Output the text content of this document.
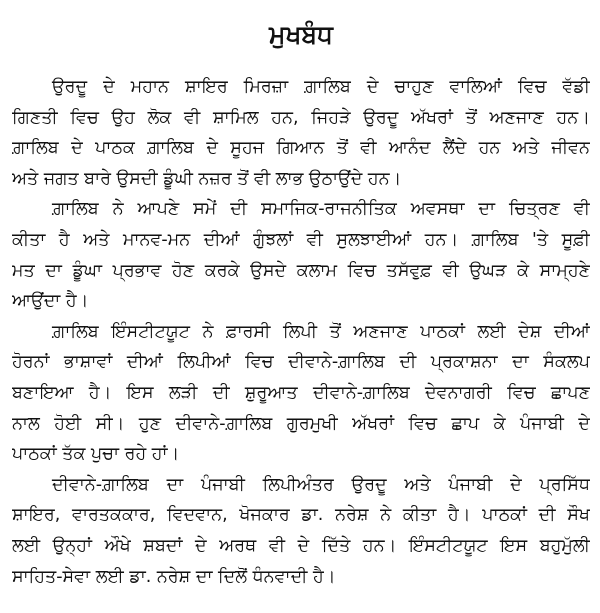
ਮੁਖਬੰਧ
ਉਰਦੂ ਦੇ ਮਹਾਨ ਸ਼ਾਇਰ ਮਿਰਜ਼ਾ ਗ਼ਾਲਿਬ ਦੇ ਚਾਹੁਣ ਵਾਲਿਆਂ ਵਿਚ ਵੱਡੀ
ਗਿਣਤੀ ਵਿਚ ਉਹ ਲੋਕ ਵੀ ਸ਼ਾਮਿਲ ਹਨ, ਜਿਹੜੇ ਉਰਦੂ ਅੱਖਰਾਂ ਤੋਂ ਅਣਜਾਣ ਹਨ।
ਗ਼ਾਲਿਬ ਦੇ ਪਾਠਕ ਗ਼ਾਲਿਬ ਦੇ ਸੂਹਜ ਗਿਆਨ ਤੋਂ ਵੀ ਆਨੰਦ ਲੈਂਦੇ ਹਨ ਅਤੇ ਜੀਵਨ
ਅਤੇ ਜਗਤ ਬਾਰੇ ਉਸਦੀ ਡੂੰਘੀ ਨਜ਼ਰ ਤੋਂ ਵੀ ਲਾਭ ਉਠਾਉਂਦੇ ਹਨ।
ਗ਼ਾਲਿਬ ਨੇ ਆਪਣੇ ਸਮੇਂ ਦੀ ਸਮਾਜਿਕ-ਰਾਜਨੀਤਿਕ ਅਵਸਥਾ ਦਾ ਚਿਤ੍ਰਣ ਵੀ
ਕੀਤਾ ਹੈ ਅਤੇ ਮਾਨਵ-ਮਨ ਦੀਆਂ ਗੁੰਝਲਾਂ ਵੀ ਸੁਲਝਾਈਆਂ ਹਨ। ਗ਼ਾਲਿਬ 'ਤੇ ਸੂਫ਼ੀ
ਮਤ ਦਾ ਡੂੰਘਾ ਪ੍ਰਭਾਵ ਹੋਣ ਕਰਕੇ ਉਸਦੇ ਕਲਾਮ ਵਿਚ ਤਸੱਵੁਫ਼ ਵੀ ਉਘੜ ਕੇ ਸਾਮ੍ਹਣੇ
ਆਉਂਦਾ ਹੈ।
ਗ਼ਾਲਿਬ ਇੰਸਟੀਟਯੂਟ ਨੇ ਫ਼ਾਰਸੀ ਲਿਪੀ ਤੋਂ ਅਣਜਾਣ ਪਾਠਕਾਂ ਲਈ ਦੇਸ਼ ਦੀਆਂ
ਹੋਰਨਾਂ ਭਾਸ਼ਾਵਾਂ ਦੀਆਂ ਲਿਪੀਆਂ ਵਿਚ ਦੀਵਾਨੇ-ਗ਼ਾਲਿਬ ਦੀ ਪ੍ਰਕਾਸ਼ਨਾ ਦਾ ਸੰਕਲਪ
ਬਣਾਇਆ ਹੈ। ਇਸ ਲੜੀ ਦੀ ਸ਼ੁਰੂਆਤ ਦੀਵਾਨੇ-ਗ਼ਾਲਿਬ ਦੇਵਨਾਗਰੀ ਵਿਚ ਛਾਪਣ
ਨਾਲ ਹੋਈ ਸੀ। ਹੁਣ ਦੀਵਾਨੇ-ਗ਼ਾਲਿਬ ਗੁਰਮੁਖੀ ਅੱਖਰਾਂ ਵਿਚ ਛਾਪ ਕੇ ਪੰਜਾਬੀ ਦੇ
ਪਾਠਕਾਂ ਤੱਕ ਪੁਚਾ ਰਹੇ ਹਾਂ।
ਦੀਵਾਨੇ-ਗ਼ਾਲਿਬ ਦਾ ਪੰਜਾਬੀ ਲਿਪੀਅੰਤਰ ਉਰਦੂ ਅਤੇ ਪੰਜਾਬੀ ਦੇ ਪ੍ਰਸਿੱਧ
ਸ਼ਾਇਰ, ਵਾਰਤਕਕਾਰ, ਵਿਦਵਾਨ, ਖੋਜਕਾਰ ਡਾ. ਨਰੇਸ਼ ਨੇ ਕੀਤਾ ਹੈ। ਪਾਠਕਾਂ ਦੀ ਸੌਖ
ਲਈ ਉਨ੍ਹਾਂ ਔਖੇ ਸ਼ਬਦਾਂ ਦੇ ਅਰਥ ਵੀ ਦੇ ਦਿੱਤੇ ਹਨ। ਇੰਸਟੀਟਯੂਟ ਇਸ ਬਹੁਮੁੱਲੀ
ਸਾਹਿਤ-ਸੇਵਾ ਲਈ ਡਾ. ਨਰੇਸ਼ ਦਾ ਦਿਲੋਂ ਧੰਨਵਾਦੀ ਹੈ।
